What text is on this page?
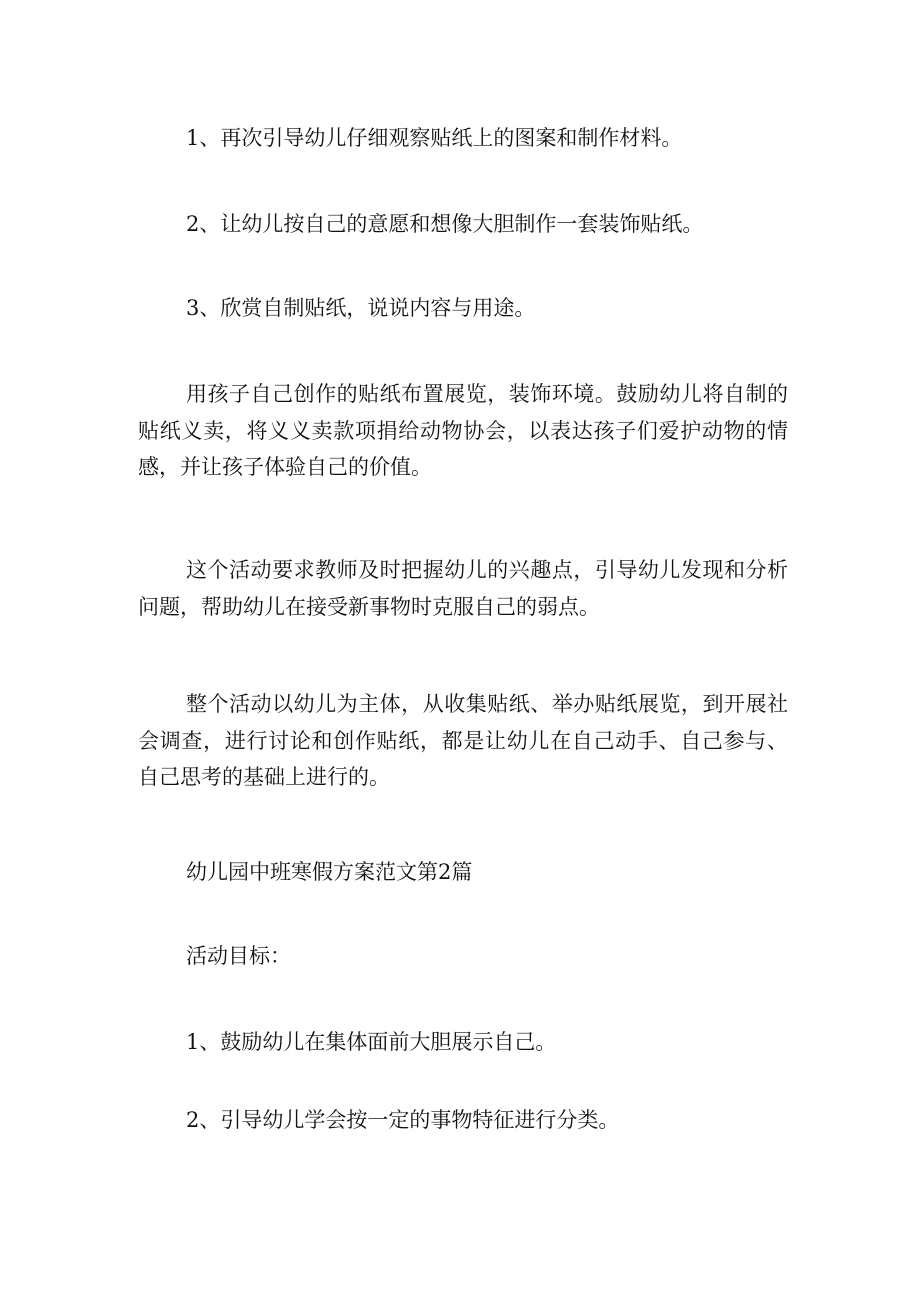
1、再次引导幼儿仔细观察贴纸上的图案和制作材料。

2、让幼儿按自己的意愿和想像大胆制作一套装饰贴纸。

3、欣赏自制贴纸，说说内容与用途。

用孩子自己创作的贴纸布置展览，装饰环境。鼓励幼儿将自制的贴纸义卖，将义义卖款项捐给动物协会，以表达孩子们爱护动物的情感，并让孩子体验自己的价值。

这个活动要求教师及时把握幼儿的兴趣点，引导幼儿发现和分析问题，帮助幼儿在接受新事物时克服自己的弱点。

整个活动以幼儿为主体，从收集贴纸、举办贴纸展览，到开展社会调查，进行讨论和创作贴纸，都是让幼儿在自己动手、自己参与、自己思考的基础上进行的。

幼儿园中班寒假方案范文第2篇

活动目标：

1、鼓励幼儿在集体面前大胆展示自己。

2、引导幼儿学会按一定的事物特征进行分类。
